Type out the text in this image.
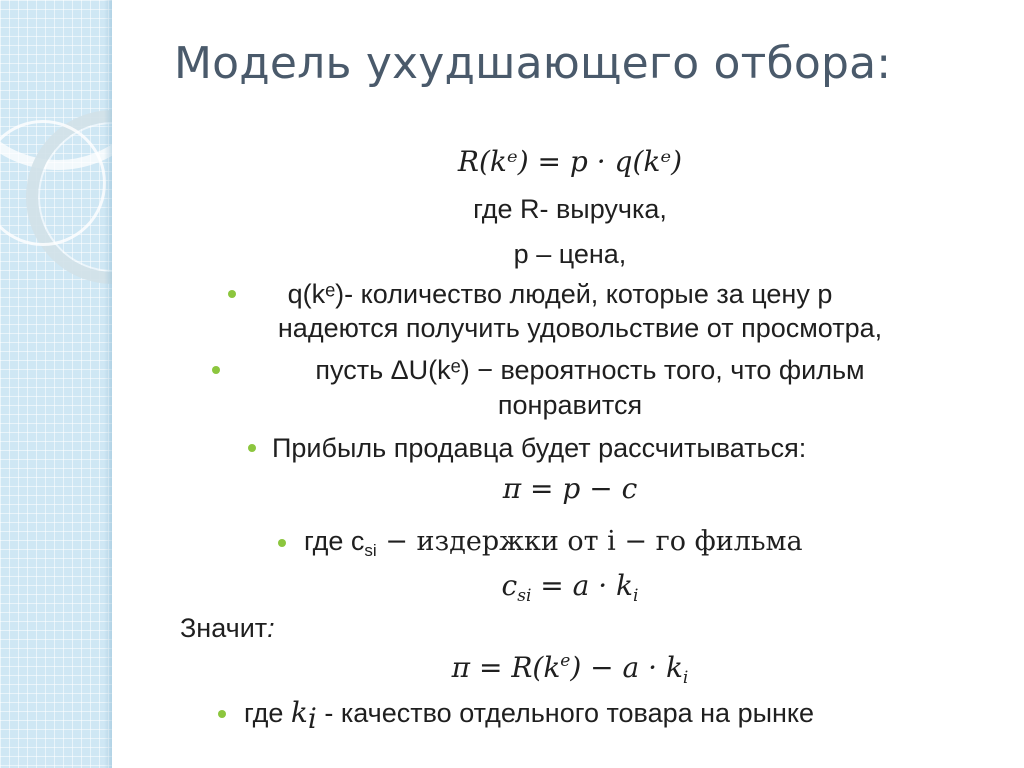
Модель ухудшающего отбора:
R(kᵉ) = p · q(kᵉ)
где R- выручка,
p – цена,
q(kᵉ)- количество людей, которые за цену p
надеются получить удовольствие от просмотра,
пусть ΔU(kᵉ) − вероятность того, что фильм
понравится
Прибыль продавца будет рассчитываться:
π = p − c
где $c_{si}$ − издержки от i − го фильма
$c_{si} = a \cdot k_i$
Значит:
$\pi = R(k^e) - a \cdot k_i$
где $k_i$ - качество отдельного товара на рынке
